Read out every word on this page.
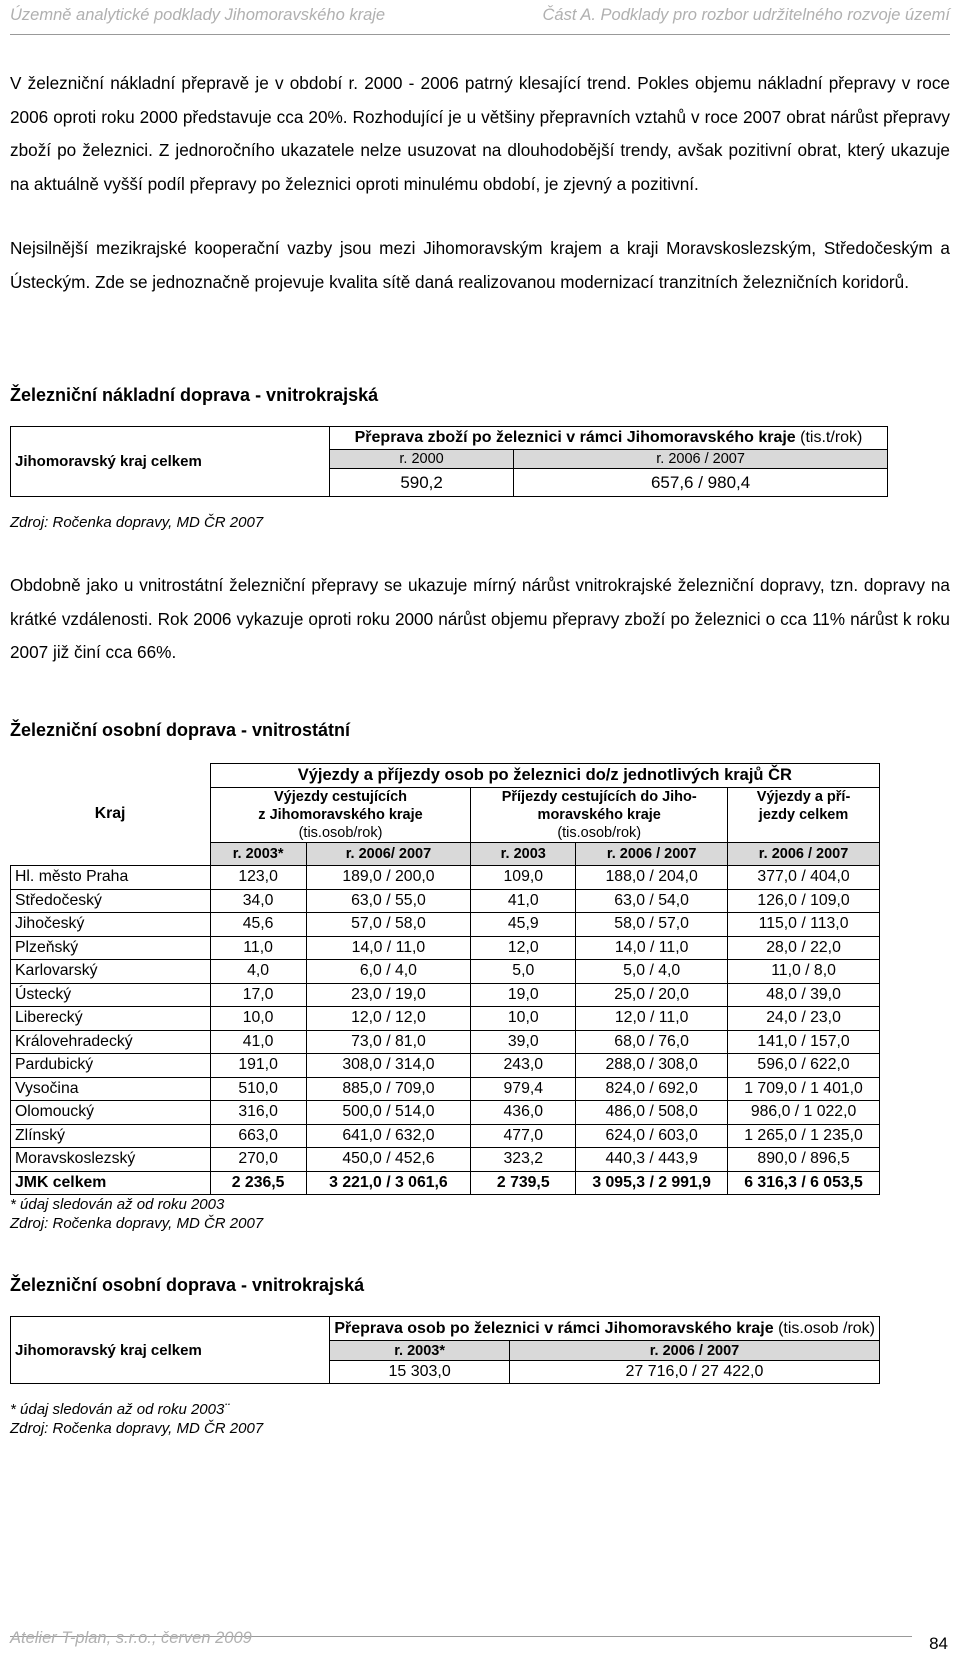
Územně analytické podklady Jihomoravského kraje	Část A. Podklady pro rozbor udržitelného rozvoje území

V železniční nákladní přepravě je v období r. 2000 - 2006 patrný klesající trend. Pokles objemu nákladní přepravy v roce 2006 oproti roku 2000 představuje cca 20%. Rozhodující je u většiny přepravních vztahů v roce 2007 obrat nárůst přepravy zboží po železnici. Z jednoročního ukazatele nelze usuzovat na dlouhodobější trendy, avšak pozitivní obrat, který ukazuje na aktuálně vyšší podíl přepravy po železnici oproti minulému období, je zjevný a pozitivní.

Nejsilnější mezikrajské kooperační vazby jsou mezi Jihomoravským krajem a kraji Moravskoslezským, Středočeským a Ústeckým. Zde se jednoznačně projevuje kvalita sítě daná realizovanou modernizací tranzitních železničních koridorů.

Železniční nákladní doprava - vnitrokrajská
Jihomoravský kraj celkem	Přeprava zboží po železnici v rámci Jihomoravského kraje (tis.t/rok)	
	r. 2000	r. 2006 / 2007
	590,2	657,6 / 980,4

Zdroj: Ročenka dopravy, MD ČR 2007

Obdobně jako u vnitrostátní železniční přepravy se ukazuje mírný nárůst vnitrokrajské železniční dopravy, tzn. dopravy na krátké vzdálenosti. Rok 2006 vykazuje oproti roku 2000 nárůst objemu přepravy zboží po železnici o cca 11% nárůst k roku 2007 již činí cca 66%.

Železniční osobní doprava - vnitrostátní
Kraj	Výjezdy a příjezdy osob po železnici do/z jednotlivých krajů ČR				
	Výjezdy cestujících
z Jihomoravského kraje
(tis.osob/rok)		Příjezdy cestujících do Jiho-
moravského kraje
(tis.osob/rok)		Výjezdy a pří-
jezdy celkem

	r. 2003*	r. 2006/ 2007	r. 2003	r. 2006 / 2007	r. 2006 / 2007
Hl. město Praha	123,0	189,0 / 200,0	109,0	188,0 / 204,0	377,0 / 404,0
Středočeský	34,0	63,0 / 55,0	41,0	63,0 / 54,0	126,0 / 109,0
Jihočeský	45,6	57,0 / 58,0	45,9	58,0 / 57,0	115,0 / 113,0
Plzeňský	11,0	14,0 / 11,0	12,0	14,0 / 11,0	28,0 / 22,0
Karlovarský	4,0	6,0 / 4,0	5,0	5,0 / 4,0	11,0 / 8,0
Ústecký	17,0	23,0 / 19,0	19,0	25,0 / 20,0	48,0 / 39,0
Liberecký	10,0	12,0 / 12,0	10,0	12,0 / 11,0	24,0 / 23,0
Královehradecký	41,0	73,0 / 81,0	39,0	68,0 / 76,0	141,0 / 157,0
Pardubický	191,0	308,0 / 314,0	243,0	288,0 / 308,0	596,0 / 622,0
Vysočina	510,0	885,0 / 709,0	979,4	824,0 / 692,0	1 709,0 / 1 401,0
Olomoucký	316,0	500,0 / 514,0	436,0	486,0 / 508,0	986,0 / 1 022,0
Zlínský	663,0	641,0 / 632,0	477,0	624,0 / 603,0	1 265,0 / 1 235,0
Moravskoslezský	270,0	450,0 / 452,6	323,2	440,3 / 443,9	890,0 / 896,5
JMK celkem	2 236,5	3 221,0 / 3 061,6	2 739,5	3 095,3 / 2 991,9	6 316,3 / 6 053,5

* údaj sledován až od roku 2003

Zdroj: Ročenka dopravy, MD ČR 2007

Železniční osobní doprava - vnitrokrajská
Jihomoravský kraj celkem	Přeprava osob po železnici v rámci Jihomoravského kraje (tis.osob /rok)	
	r. 2003*	r. 2006 / 2007
	15 303,0	27 716,0 / 27 422,0

* údaj sledován až od roku 2003¨

Zdroj: Ročenka dopravy, MD ČR 2007

Atelier T-plan, s.r.o.; červen 2009	84
